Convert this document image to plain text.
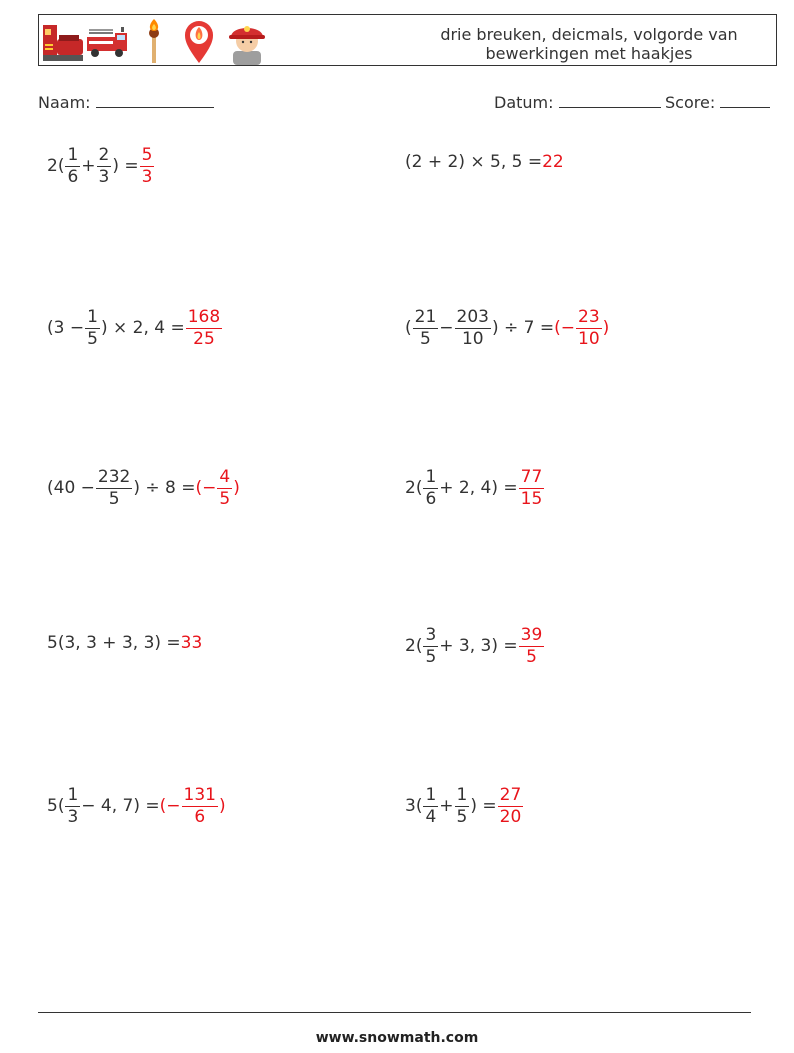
drie breuken, deicmals, volgorde van
bewerkingen met haakjes
Naam:	Datum:	Score:
$2( \frac{1}{6} + \frac{2}{3}$ ) = $\frac{5}{3}$	(2 + 2) × 5, 5 = 22
($3 - \frac{1}{5}$ ) × 2, $4 = \frac{168}{25}$	( $\frac{21}{5} - \frac{203}{10}$ ) ÷ 7 = (− $\frac{23}{10}$ )
($40 - \frac{232}{5}$ ) ÷ 8 = (− $\frac{4}{5}$ )	$2( \frac{1}{6} + 2$, $4) = \frac{77}{15}$
5(3, 3 + 3, 3) = 33	$2( \frac{3}{5} + 3$, $3) = \frac{39}{5}$
$5( \frac{1}{3} - 4$, 7) = (− $\frac{131}{6}$ )	$3( \frac{1}{4} + \frac{1}{5}$ ) = $\frac{27}{20}$
www.snowmath.com
